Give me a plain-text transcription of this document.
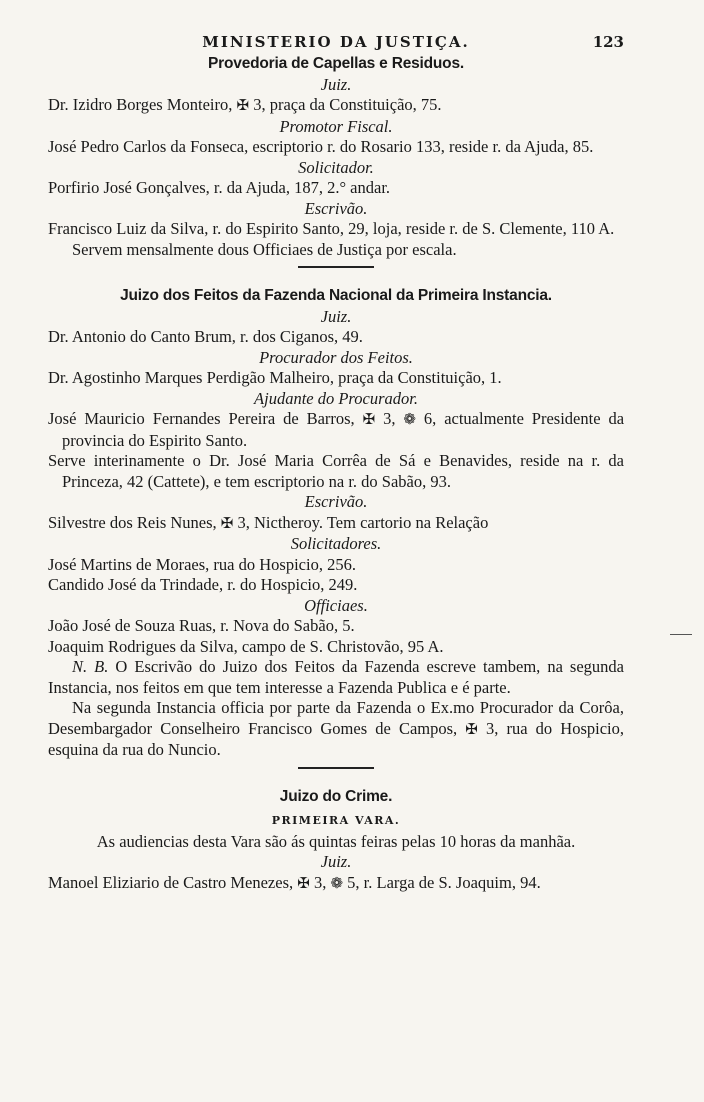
MINISTERIO DA JUSTIÇA.	123
Provedoria de Capellas e Residuos.
Juiz.
Dr. Izidro Borges Monteiro, ✠ 3, praça da Constituição, 75.
Promotor Fiscal.
José Pedro Carlos da Fonseca, escriptorio r. do Rosario 133, reside r. da Ajuda, 85.
Solicitador.
Porfirio José Gonçalves, r. da Ajuda, 187, 2.° andar.
Escrivão.
Francisco Luiz da Silva, r. do Espirito Santo, 29, loja, reside r. de S. Clemente, 110 A.
Servem mensalmente dous Officiaes de Justiça por escala.
Juizo dos Feitos da Fazenda Nacional da Primeira Instancia.
Juiz.
Dr. Antonio do Canto Brum, r. dos Ciganos, 49.
Procurador dos Feitos.
Dr. Agostinho Marques Perdigão Malheiro, praça da Constituição, 1.
Ajudante do Procurador.
José Mauricio Fernandes Pereira de Barros, ✠ 3, ❁ 6, actualmente Presidente da provincia do Espirito Santo.
Serve interinamente o Dr. José Maria Corrêa de Sá e Benavides, reside na r. da Princeza, 42 (Cattete), e tem escriptorio na r. do Sabão, 93.
Escrivão.
Silvestre dos Reis Nunes, ✠ 3, Nictheroy. Tem cartorio na Relação
Solicitadores.
José Martins de Moraes, rua do Hospicio, 256.
Candido José da Trindade, r. do Hospicio, 249.
Officiaes.
João José de Souza Ruas, r. Nova do Sabão, 5.
Joaquim Rodrigues da Silva, campo de S. Christovão, 95 A.
N. B. O Escrivão do Juizo dos Feitos da Fazenda escreve tambem, na segunda Instancia, nos feitos em que tem interesse a Fazenda Publica e é parte.
Na segunda Instancia officia por parte da Fazenda o Ex.mo Procurador da Corôa, Desembargador Conselheiro Francisco Gomes de Campos, ✠ 3, rua do Hospicio, esquina da rua do Nuncio.
Juizo do Crime.
PRIMEIRA VARA.
As audiencias desta Vara são ás quintas feiras pelas 10 horas da manhãa.
Juiz.
Manoel Eliziario de Castro Menezes, ✠ 3, ❁ 5, r. Larga de S. Joaquim, 94.
